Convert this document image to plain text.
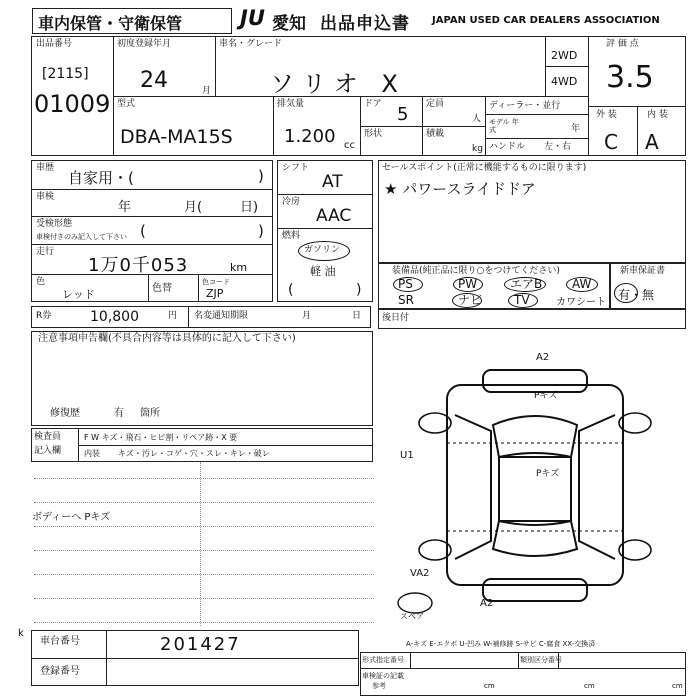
車内保管・守衛保管	JU 愛知 出品申込書 JAPAN USED CAR DEALERS ASSOCIATION
出品番号
[2115]
01009
初度登録年月
24	月
車名・グレード
ソリオ X
2WD
4WD
評 価 点
3.5
外 装	内 装
C A
型式
DBA-MA15S
排気量
1.200 cc
ドア 5 定員
人
形状	積載
kg
ディーラー・並行
モデル 年式	年
ハンドル 左・右
車歴
自家用・(	)
車検
年	月(	日)
受検形態
車検付きのみ記入して下さい (	)
走行
1万0千053	km
色
レッド	色替
色コード
ZJP
R券	10,800	円 名変通知期限	月	日
シフト
AT
冷房
AAC
燃料
ガソリン
軽 油
(	)
セールスポイント(正常に機能するものに限ります)
★ パワースライドドア
装備品(純正品に限り○をつけてください)
PS	PW	エアB AW
SR	ナビ	TV	カワシート
新車保証書
有・無
後日付
注意事項申告欄(不具合内容等は具体的に記入して下さい)
修復歴	有 箇所
検査員
記入欄
F W キズ・飛石・ヒビ割・リペア跡・X 要
内装 キズ・汚レ・コゲ・穴・スレ・キレ・破レ
ボディーへ Pキズ
A2
Pキズ
U1
Pキズ
VA2
A2
スペア
A-キズ E-エクボ U-凹み W-補修跡 S-サビ C-腐食 XX-交換済
k
車台番号	201427
登録番号
形式指定番号	類別区分番号
車検証の記載
参考	cm	cm	cm
